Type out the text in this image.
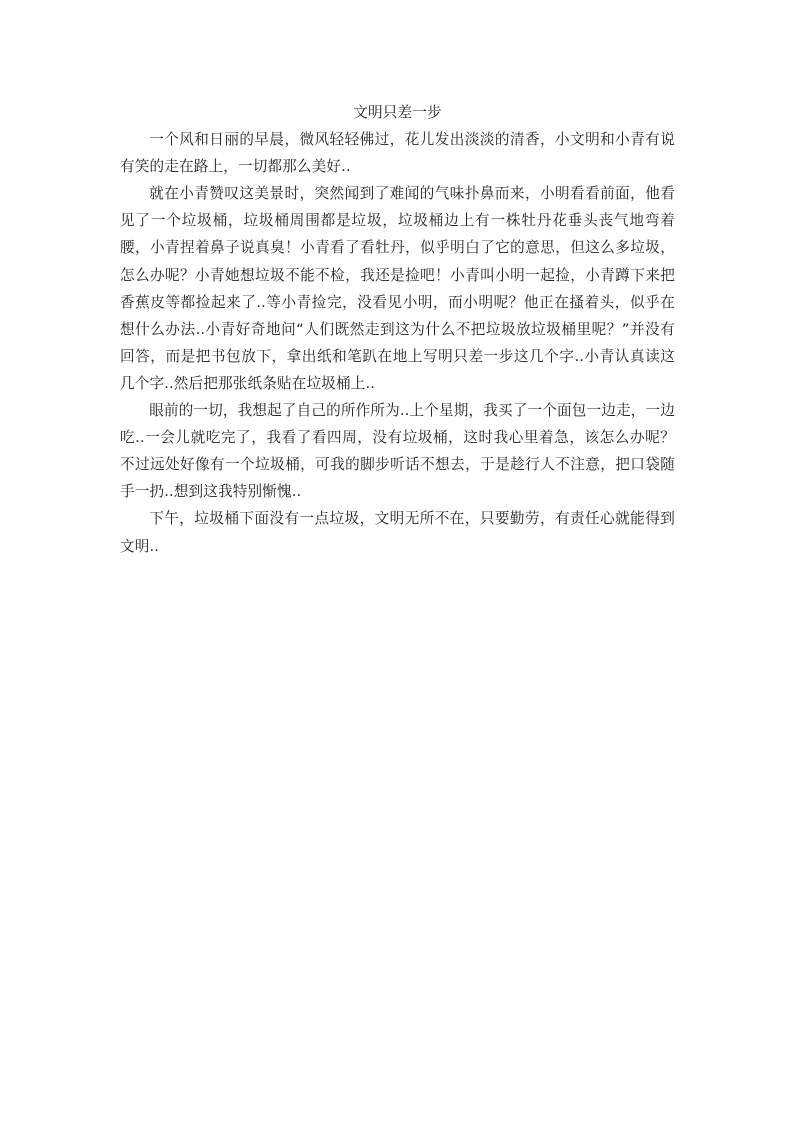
文明只差一步

一个风和日丽的早晨，微风轻轻佛过，花儿发出淡淡的清香，小文明和小青有说有笑的走在路上，一切都那么美好..

就在小青赞叹这美景时，突然闻到了难闻的气味扑鼻而来，小明看看前面，他看见了一个垃圾桶，垃圾桶周围都是垃圾，垃圾桶边上有一株牡丹花垂头丧气地弯着腰，小青捏着鼻子说真臭！小青看了看牡丹，似乎明白了它的意思，但这么多垃圾，怎么办呢？小青她想垃圾不能不检，我还是捡吧！小青叫小明一起捡，小青蹲下来把香蕉皮等都捡起来了..等小青捡完，没看见小明，而小明呢？他正在搔着头，似乎在想什么办法..小青好奇地问“人们既然走到这为什么不把垃圾放垃圾桶里呢？”并没有回答，而是把书包放下，拿出纸和笔趴在地上写明只差一步这几个字..小青认真读这几个字..然后把那张纸条贴在垃圾桶上..

眼前的一切，我想起了自己的所作所为..上个星期，我买了一个面包一边走，一边吃..一会儿就吃完了，我看了看四周，没有垃圾桶，这时我心里着急，该怎么办呢？不过远处好像有一个垃圾桶，可我的脚步听话不想去，于是趁行人不注意，把口袋随手一扔..想到这我特别惭愧..

下午，垃圾桶下面没有一点垃圾，文明无所不在，只要勤劳，有责任心就能得到文明..
